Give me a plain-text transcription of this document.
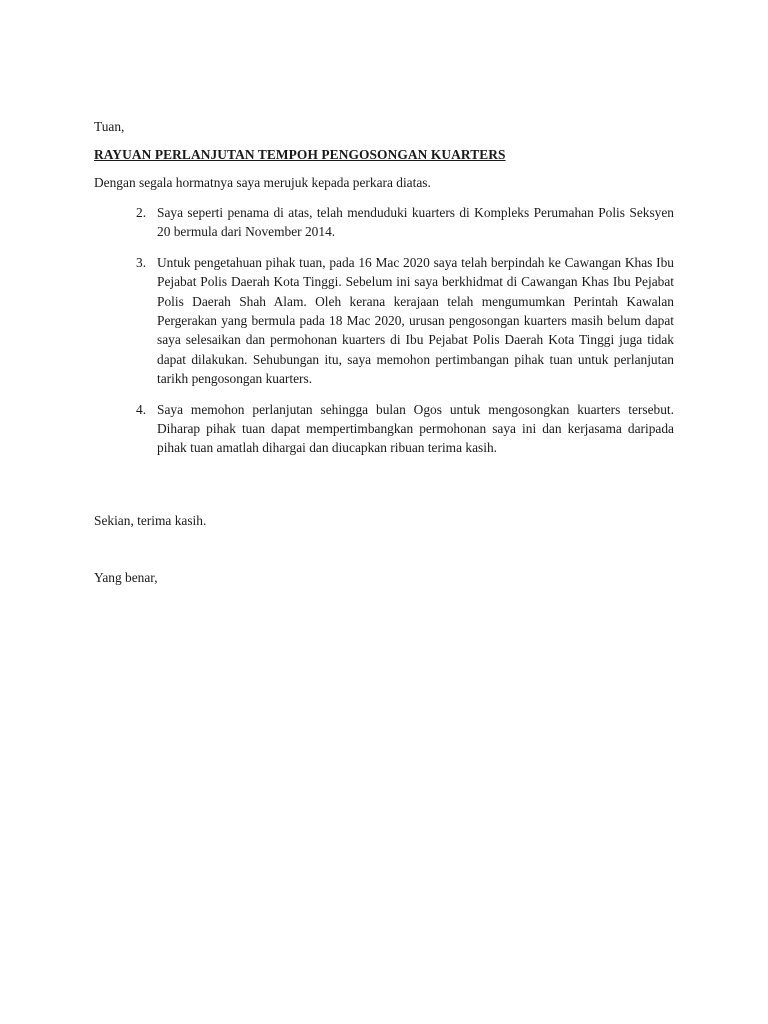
Tuan,
RAYUAN PERLANJUTAN TEMPOH PENGOSONGAN KUARTERS
Dengan segala hormatnya saya merujuk kepada perkara diatas.
2. Saya seperti penama di atas, telah menduduki kuarters di Kompleks Perumahan Polis Seksyen 20 bermula dari November 2014.
3. Untuk pengetahuan pihak tuan, pada 16 Mac 2020 saya telah berpindah ke Cawangan Khas Ibu Pejabat Polis Daerah Kota Tinggi. Sebelum ini saya berkhidmat di Cawangan Khas Ibu Pejabat Polis Daerah Shah Alam. Oleh kerana kerajaan telah mengumumkan Perintah Kawalan Pergerakan yang bermula pada 18 Mac 2020, urusan pengosongan kuarters masih belum dapat saya selesaikan dan permohonan kuarters di Ibu Pejabat Polis Daerah Kota Tinggi juga tidak dapat dilakukan. Sehubungan itu, saya memohon pertimbangan pihak tuan untuk perlanjutan tarikh pengosongan kuarters.
4. Saya memohon perlanjutan sehingga bulan Ogos untuk mengosongkan kuarters tersebut. Diharap pihak tuan dapat mempertimbangkan permohonan saya ini dan kerjasama daripada pihak tuan amatlah dihargai dan diucapkan ribuan terima kasih.
Sekian, terima kasih.
Yang benar,
